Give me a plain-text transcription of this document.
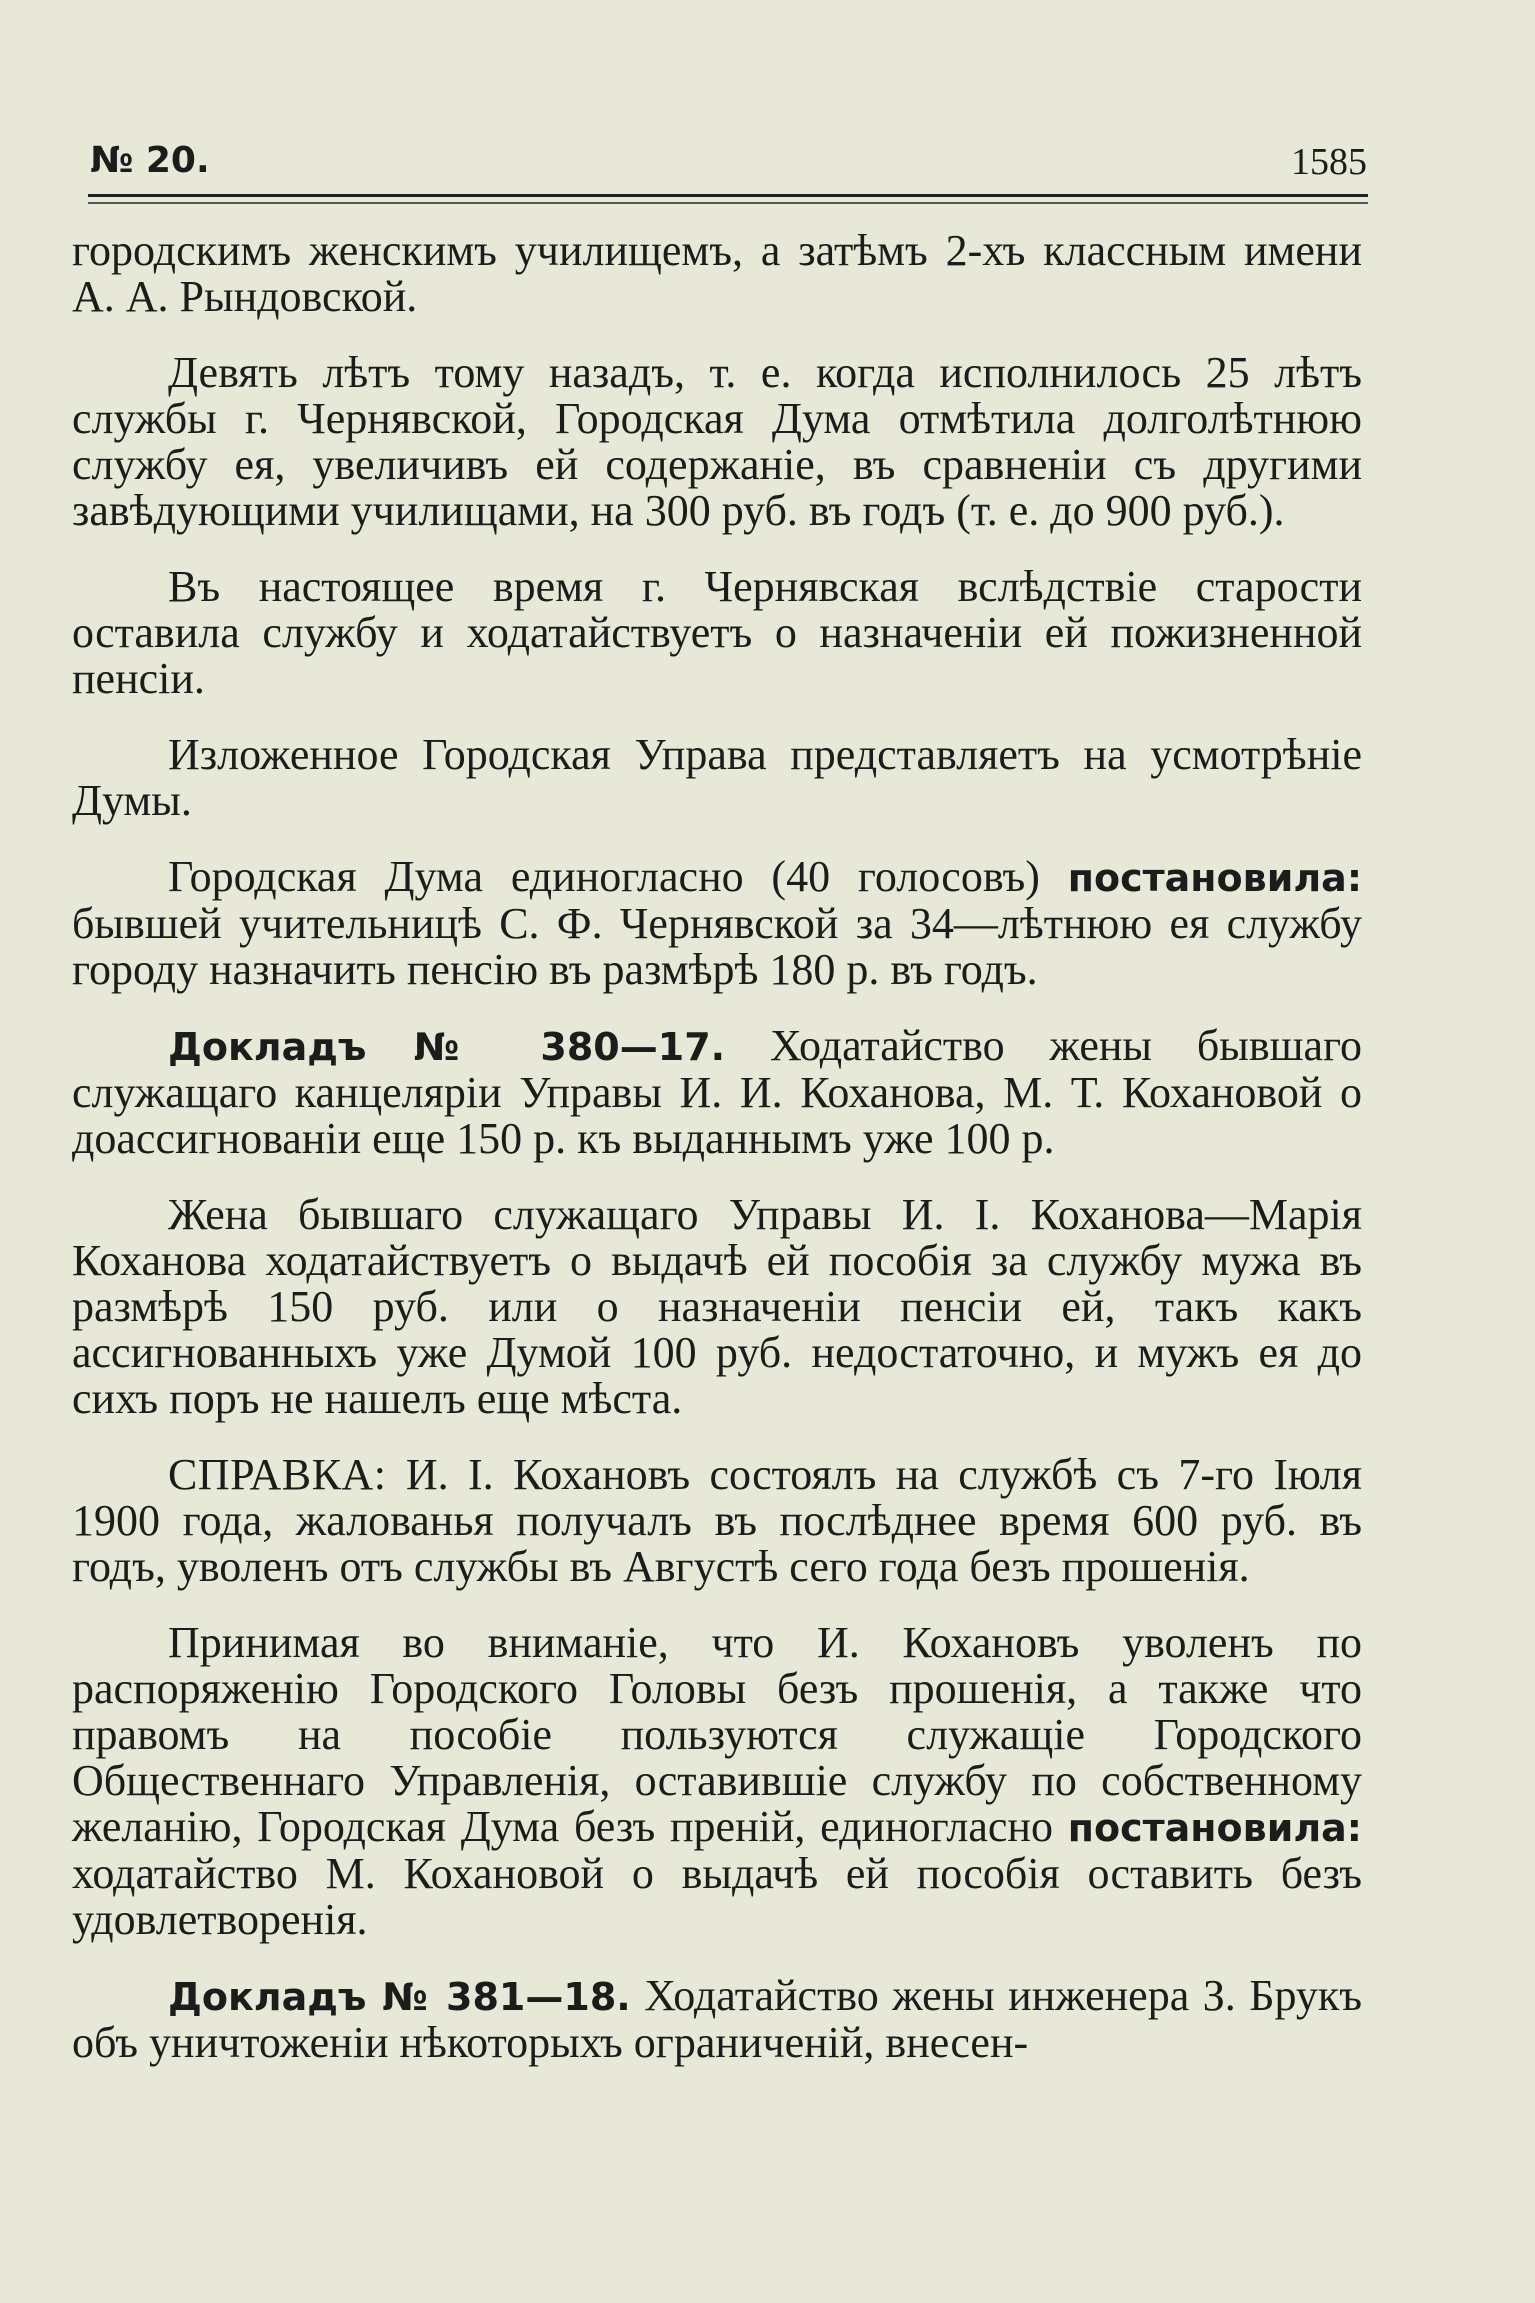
№ 20.	1585

городскимъ женскимъ училищемъ, а затѣмъ 2-хъ классным имени А. А. Рындовской.

Девять лѣтъ тому назадъ, т. е. когда исполнилось 25 лѣтъ службы г. Чернявской, Городская Дума отмѣтила долголѣтнюю службу ея, увеличивъ ей содержаніе, въ сравненіи съ другими завѣдующими училищами, на 300 руб. въ годъ (т. е. до 900 руб.).

Въ настоящее время г. Чернявская вслѣдствіе старости оставила службу и ходатайствуетъ о назначеніи ей пожизненной пенсіи.

Изложенное Городская Управа представляетъ на усмотрѣніе Думы.

Городская Дума единогласно (40 голосовъ) постановила: бывшей учительницѣ С. Ф. Чернявской за 34—лѣтнюю ея службу городу назначить пенсію въ размѣрѣ 180 р. въ годъ.

Докладъ № 380—17. Ходатайство жены бывшаго служащаго канцеляріи Управы И. И. Коханова, М. Т. Кохановой о доассигнованіи еще 150 р. къ выданнымъ уже 100 р.

Жена бывшаго служащаго Управы И. І. Коханова—Марія Коханова ходатайствуетъ о выдачѣ ей пособія за службу мужа въ размѣрѣ 150 руб. или о назначеніи пенсіи ей, такъ какъ ассигнованныхъ уже Думой 100 руб. недостаточно, и мужъ ея до сихъ поръ не нашелъ еще мѣста.

СПРАВКА: И. І. Кохановъ состоялъ на службѣ съ 7-го Іюля 1900 года, жалованья получалъ въ послѣднее время 600 руб. въ годъ, уволенъ отъ службы въ Августѣ сего года безъ прошенія.

Принимая во вниманіе, что И. Кохановъ уволенъ по распоряженію Городского Головы безъ прошенія, а также что правомъ на пособіе пользуются служащіе Городского Общественнаго Управленія, оставившіе службу по собственному желанію, Городская Дума безъ преній, единогласно постановила: ходатайство М. Кохановой о выдачѣ ей пособія оставить безъ удовлетворенія.

Докладъ № 381—18. Ходатайство жены инженера З. Брукъ объ уничтоженіи нѣкоторыхъ ограниченій, внесен-
